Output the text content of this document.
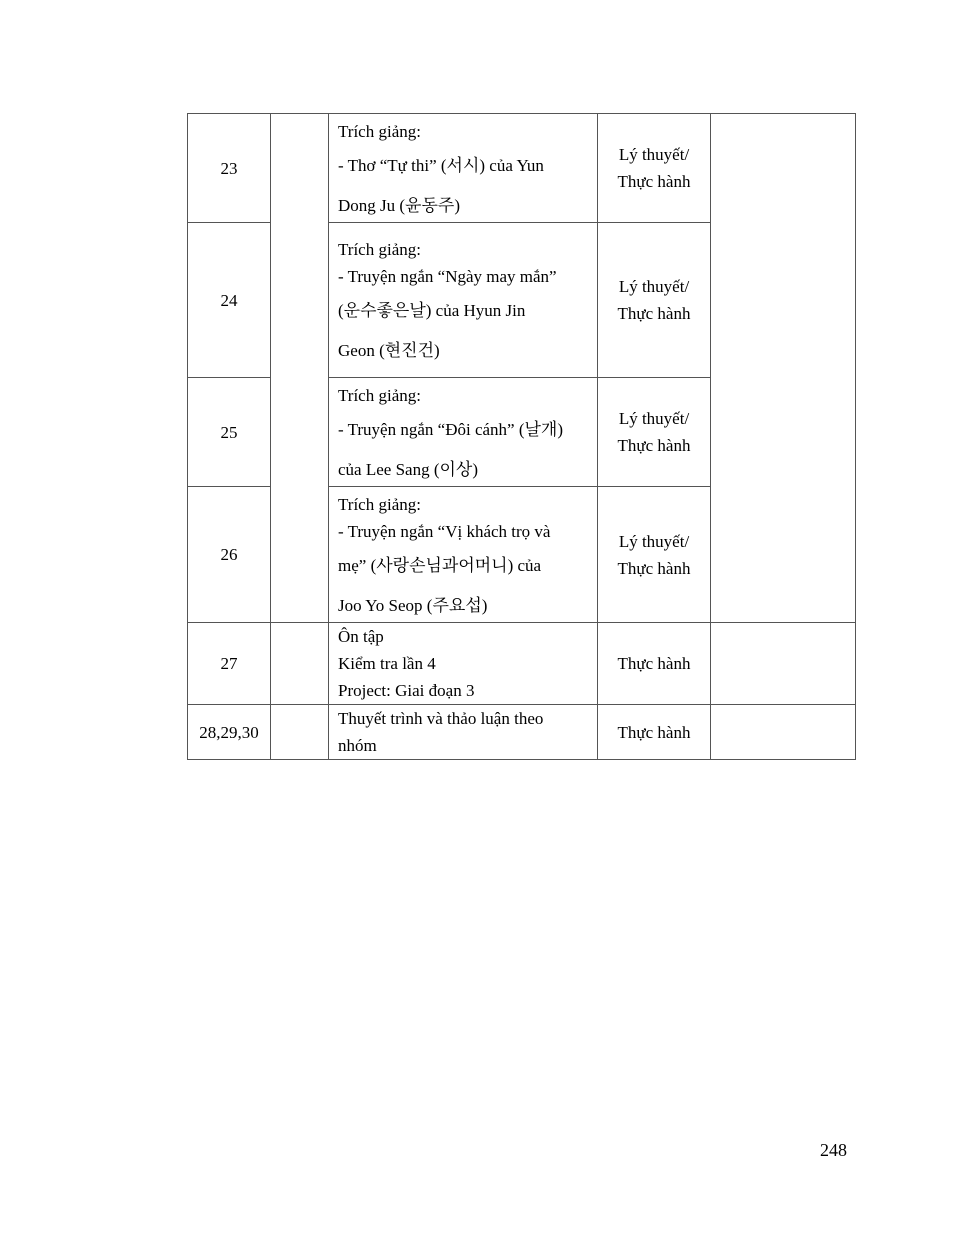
23		Trích giảng:
- Thơ “Tự thi” (서시) của Yun
Dong Ju (윤동주)	Lý thuyết/
Thực hành	

24		Trích giảng:
- Truyện ngắn “Ngày may mắn”
(운수좋은날) của Hyun Jin
Geon (현진건)	Lý thuyết/
Thực hành	

25		Trích giảng:
- Truyện ngắn “Đôi cánh” (날개)
của Lee Sang (이상)	Lý thuyết/
Thực hành	

26		Trích giảng:
- Truyện ngắn “Vị khách trọ và
mẹ” (사랑손님과어머니) của
Joo Yo Seop (주요섭)	Lý thuyết/
Thực hành	

27		Ôn tập
Kiểm tra lần 4
Project: Giai đoạn 3	Thực hành	

28,29,30		Thuyết trình và thảo luận theo
nhóm	Thực hành	

248
